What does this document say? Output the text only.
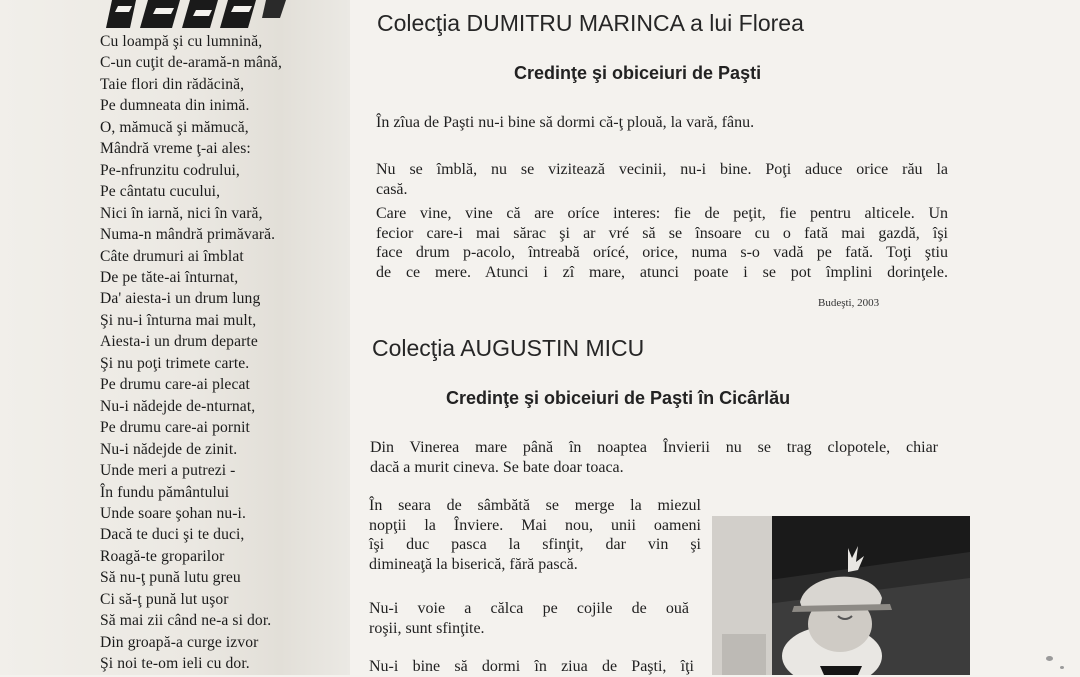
Cu loampă şi cu lumnină,
C-un cuţit de-aramă-n mână,
Taie flori din rădăcină,
Pe dumneata din inimă.
O, mămucă şi mămucă,
Mândră vreme ţ-ai ales:
Pe-nfrunzitu codrului,
Pe cântatu cucului,
Nici în iarnă, nici în vară,
Numa-n mândră primăvară.
Câte drumuri ai îmblat
De pe tăte-ai înturnat,
Da' aiesta-i un drum lung
Şi nu-i înturna mai mult,
Aiesta-i un drum departe
Şi nu poţi trimete carte.
Pe drumu care-ai plecat
Nu-i nădejde de-nturnat,
Pe drumu care-ai pornit
Nu-i nădejde de zinit.
Unde meri a putrezi -
În fundu pământului
Unde soare şohan nu-i.
Dacă te duci şi te duci,
Roagă-te groparilor
Să nu-ţ pună lutu greu
Ci să-ţ pună lut uşor
Să mai zii când ne-a si dor.
Din groapă-a curge izvor
Şi noi te-om ieli cu dor.
Colecţia DUMITRU MARINCA a lui Florea
Credinţe şi obiceiuri de Paşti

În zîua de Paşti nu-i bine să dormi că-ţ plouă, la vară, fânu.

Nu se îmblă, nu se vizitează vecinii, nu-i bine. Poţi aduce orice rău la
casă.
Care vine, vine că are oríce interes: fie de peţit, fie pentru alticele. Un
fecior care-i mai sărac şi ar vré să se însoare cu o fată mai gazdă, îşi
face drum p-acolo, întreabă orícé, orice, numa s-o vadă pe fată. Toţi ştiu
de ce mere. Atunci i zî mare, atunci poate i se pot împlini dorinţele.
Budeşti, 2003
Colecţia AUGUSTIN MICU
Credinţe şi obiceiuri de Paşti în Cicârlău
Din Vinerea mare până în noaptea Învierii nu se trag clopotele, chiar
dacă a murit cineva. Se bate doar toaca.
În seara de sâmbătă se merge la miezul
nopţii la Înviere. Mai nou, unii oameni
îşi duc pasca la sfinţit, dar vin şi
dimineaţă la biserică, fără pască.
Nu-i voie a călca pe cojile de ouă
roşii, sunt sfinţite.
Nu-i bine să dormi în ziua de Paşti, îţi
